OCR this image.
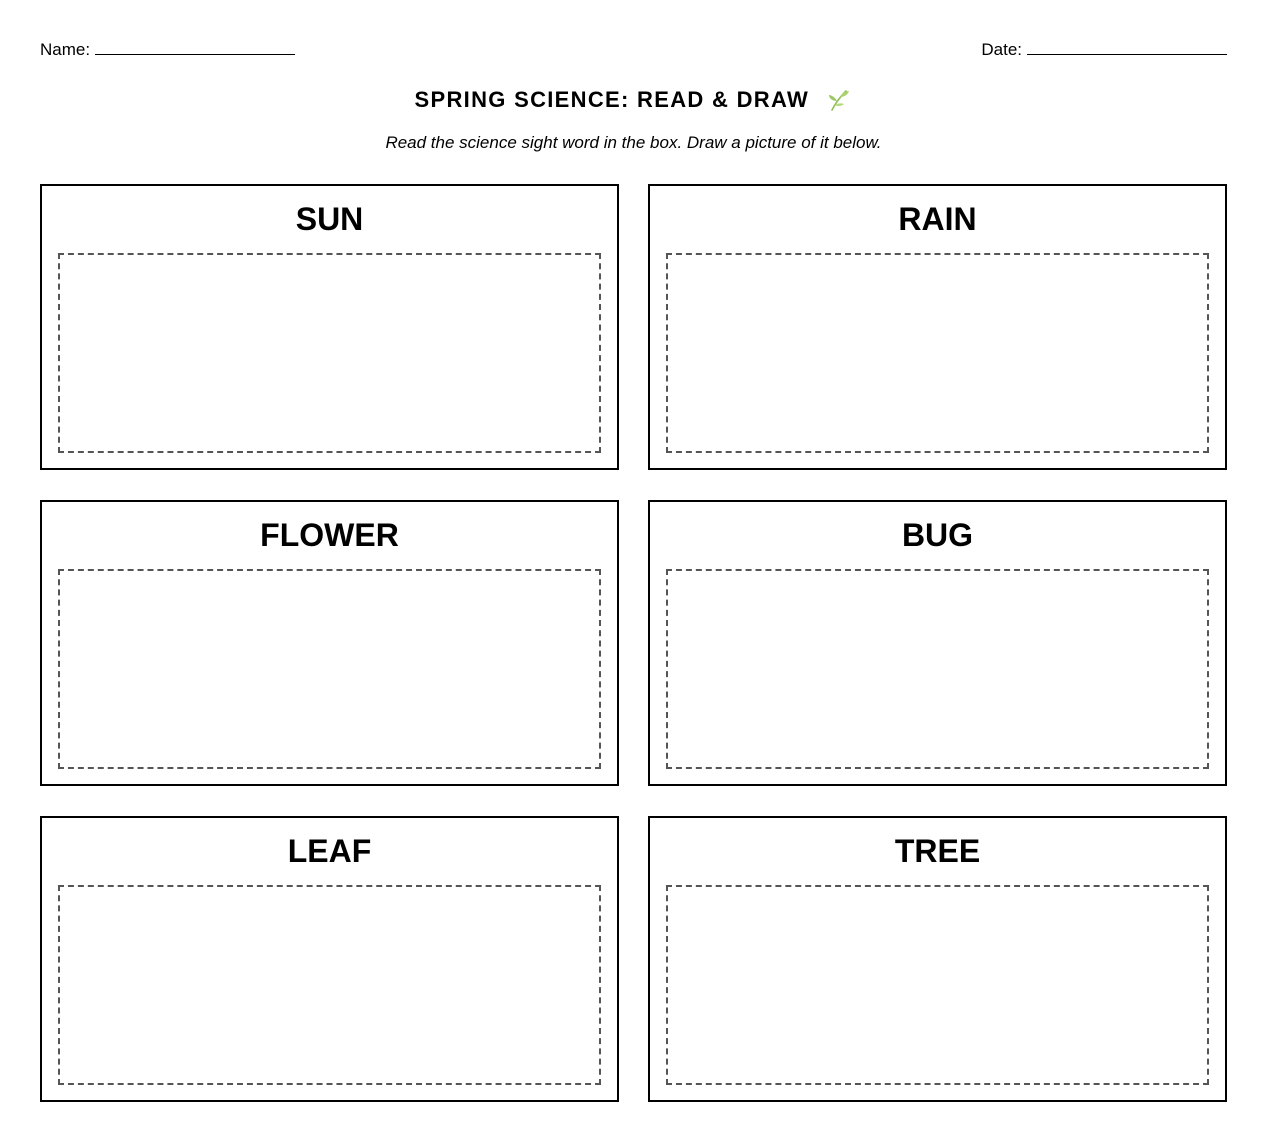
Name:	Date:
SPRING SCIENCE: READ & DRAW
Read the science sight word in the box. Draw a picture of it below.
SUN	RAIN
FLOWER	BUG
LEAF	TREE
